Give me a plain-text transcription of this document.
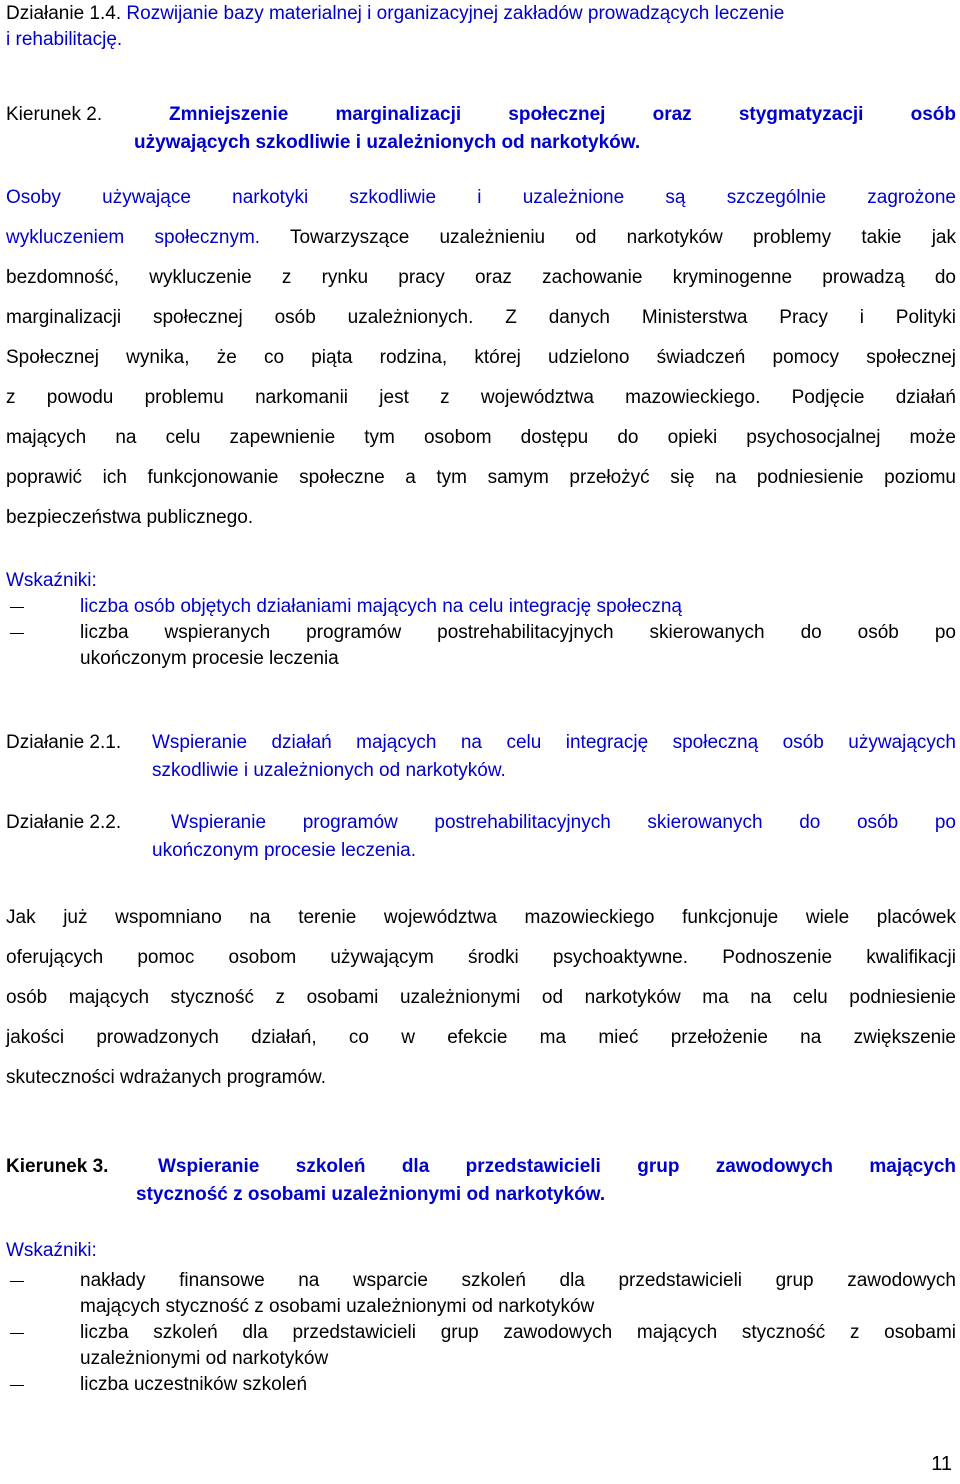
Działanie 1.4. Rozwijanie bazy materialnej i organizacyjnej zakładów prowadzących leczenie
i rehabilitację.
Kierunek 2.	Zmniejszenie marginalizacji społecznej oraz stygmatyzacji osób
używających szkodliwie i uzależnionych od narkotyków.
Osoby używające narkotyki szkodliwie i uzależnione są szczególnie zagrożone
wykluczeniem społecznym. Towarzyszące uzależnieniu od narkotyków problemy takie jak
bezdomność, wykluczenie z rynku pracy oraz zachowanie kryminogenne prowadzą do
marginalizacji społecznej osób uzależnionych. Z danych Ministerstwa Pracy i Polityki
Społecznej wynika, że co piąta rodzina, której udzielono świadczeń pomocy społecznej
z powodu problemu narkomanii jest z województwa mazowieckiego. Podjęcie działań
mających na celu zapewnienie tym osobom dostępu do opieki psychosocjalnej może
poprawić ich funkcjonowanie społeczne a tym samym przełożyć się na podniesienie poziomu
bezpieczeństwa publicznego.
Wskaźniki:
liczba osób objętych działaniami mających na celu integrację społeczną
liczba wspieranych programów postrehabilitacyjnych skierowanych do osób po
ukończonym procesie leczenia
Działanie 2.1. Wspieranie działań mających na celu integrację społeczną osób używających
szkodliwie i uzależnionych od narkotyków.
Działanie 2.2.	Wspieranie programów postrehabilitacyjnych skierowanych do osób po
ukończonym procesie leczenia.
Jak już wspomniano na terenie województwa mazowieckiego funkcjonuje wiele placówek
oferujących pomoc osobom używającym środki psychoaktywne. Podnoszenie kwalifikacji
osób mających styczność z osobami uzależnionymi od narkotyków ma na celu podniesienie
jakości prowadzonych działań, co w efekcie ma mieć przełożenie na zwiększenie
skuteczności wdrażanych programów.
Kierunek 3.	Wspieranie szkoleń dla przedstawicieli grup zawodowych mających
styczność z osobami uzależnionymi od narkotyków.
Wskaźniki:
nakłady finansowe na wsparcie szkoleń dla przedstawicieli grup zawodowych
mających styczność z osobami uzależnionymi od narkotyków
liczba szkoleń dla przedstawicieli grup zawodowych mających styczność z osobami
uzależnionymi od narkotyków
liczba uczestników szkoleń
11
